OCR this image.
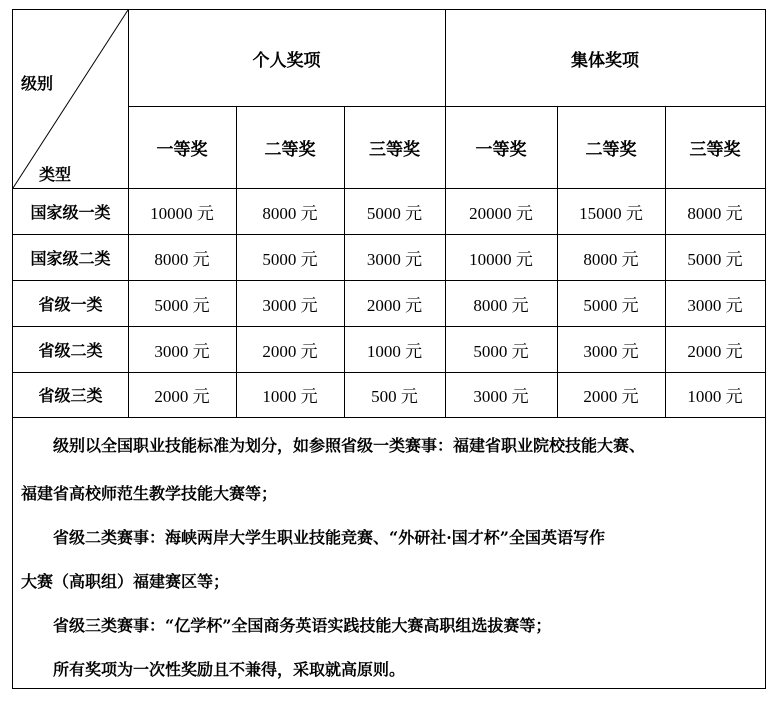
级别
类型
个人奖项	集体奖项
一等奖	二等奖	三等奖	一等奖	二等奖	三等奖
国家级一类	10000 元	8000 元	5000 元	20000 元	15000 元	8000 元
国家级二类	8000 元	5000 元	3000 元	10000 元	8000 元	5000 元
省级一类	5000 元	3000 元	2000 元	8000 元	5000 元	3000 元
省级二类	3000 元	2000 元	1000 元	5000 元	3000 元	2000 元
省级三类	2000 元	1000 元	500 元	3000 元	2000 元	1000 元
级别以全国职业技能标准为划分，如参照省级一类赛事：福建省职业院校技能大赛、
福建省高校师范生教学技能大赛等；
省级二类赛事：海峡两岸大学生职业技能竞赛、“外研社·国才杯”全国英语写作
大赛（高职组）福建赛区等；
省级三类赛事：“亿学杯”全国商务英语实践技能大赛高职组选拔赛等；
所有奖项为一次性奖励且不兼得，采取就高原则。
